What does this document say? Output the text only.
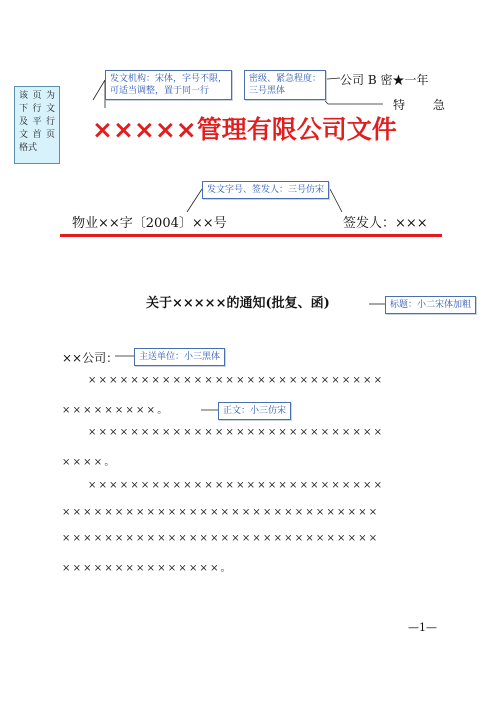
该 页 为
下 行 文
及 平 行
文 首 页
格式
发文机构：宋体，字号不限，
可适当调整，置于同一行
密级、紧急程度：
三号黑体
公司 B 密★一年
特 急
×××××管理有限公司文件
发文字号、签发人：三号仿宋
物业××字〔2004〕××号	签发人：×××
关于×××××的通知(批复、函)	标题：小二宋体加粗
××公司：	主送单位：小三黑体
××××××××××××××××××××××××××××
×××××××××。	正文：小三仿宋
××××××××××××××××××××××××××××
××××。
××××××××××××××××××××××××××××
××××××××××××××××××××××××××××××
××××××××××××××××××××××××××××××
×××××××××××××××。
—1—
